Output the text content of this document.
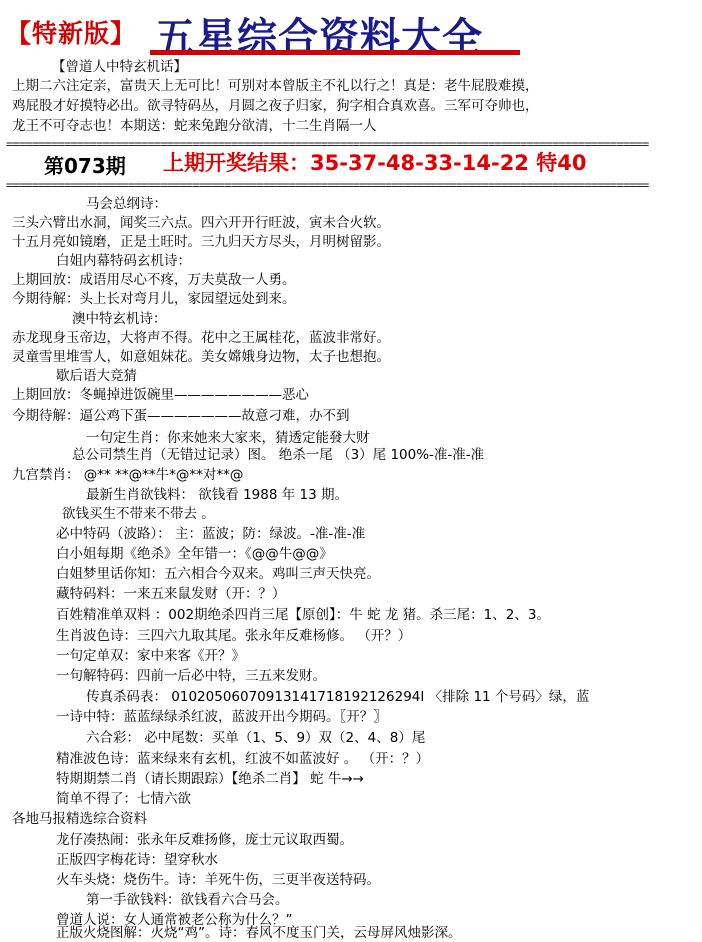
【特新版】 五星综合资料大全
【曾道人中特玄机话】
上期二六注定亲，富贵天上无可比！可别对本曾版主不礼以行之！真是：老牛屁股难摸，
鸡屁股才好摸特必出。欲寻特码丛，月圆之夜子归家，狗字相合真欢喜。三军可夺帅也，
龙王不可夺志也！本期送：蛇来兔跑分欲清，十二生肖隔一人
====================================================================================================
第073期 上期开奖结果：35-37-48-33-14-22 特40
====================================================================================================
马会总纲诗：
三头六臂出水洞，闻奖三六点。四六开开行旺波，寅未合火软。
十五月亮如镜磨，正是土旺时。三九归天方尽头，月明树留影。
白姐内幕特码玄机诗：
上期回放：成语用尽心不疼，万夫莫敌一人勇。
今期待解：头上长对弯月儿，家园望远处到来。
澳中特玄机诗：
赤龙现身玉帝边，大将声不得。花中之王属桂花，蓝波非常好。
灵童雪里堆雪人，如意姐妹花。美女嫦娥身边物，太子也想抱。
歇后语大竞猜
上期回放：冬蝇掉进饭碗里————————恶心
今期待解：逼公鸡下蛋———————故意刁难，办不到
一句定生肖：你来她来大家来，猜透定能發大财
总公司禁生肖（无错过记录）图。 绝杀一尾 （3）尾 100%-准-准-准
九宫禁肖： @** **@**牛*@**对**@
最新生肖欲钱料： 欲钱看 1988 年 13 期。
欲钱买生不带来不带去 。
必中特码（波路）： 主：蓝波；防：绿波。-准-准-准
白小姐每期《绝杀》全年错一：《@@牛@@》
白姐梦里话你知：五六相合今双来。鸡叫三声天快亮。
藏特码料：一来五来鼠发财（开：？）
百姓精准单双料 ：002期绝杀四肖三尾【原创】：牛 蛇 龙 猪。杀三尾：1、2、3。
生肖波色诗：三四六九取其尾。张永年反难杨修。 （开？）
一句定单双：家中来客《开？》
一句解特码：四前一后必中特，三五来发财。
传真杀码表： 01020506070913141718192126294I 〈排除 11 个号码〉绿，蓝
一诗中特：蓝蓝绿绿杀红波，蓝波开出今期码。〖开？〗
六合彩： 必中尾数：买单（1、5、9）双（2、4、8）尾
精准波色诗：蓝来绿来有玄机，红波不如蓝波好 。 （开：？）
特期期禁二肖（请长期跟踪）【绝杀二肖】 蛇 牛→→
简单不得了：七情六欲
各地马报精选综合资料
龙仔凑热闹：张永年反难扬修，庞士元议取西蜀。
正版四字梅花诗：望穿秋水
火车头烧：烧伤牛。诗：羊死牛伤，三更半夜送特码。
第一手欲钱料：欲钱看六合马会。
曾道人说：女人通常被老公称为什么？”
正版火烧图解：火烧“鸡”。诗：春风不度玉门关，云母屏风烛影深。
